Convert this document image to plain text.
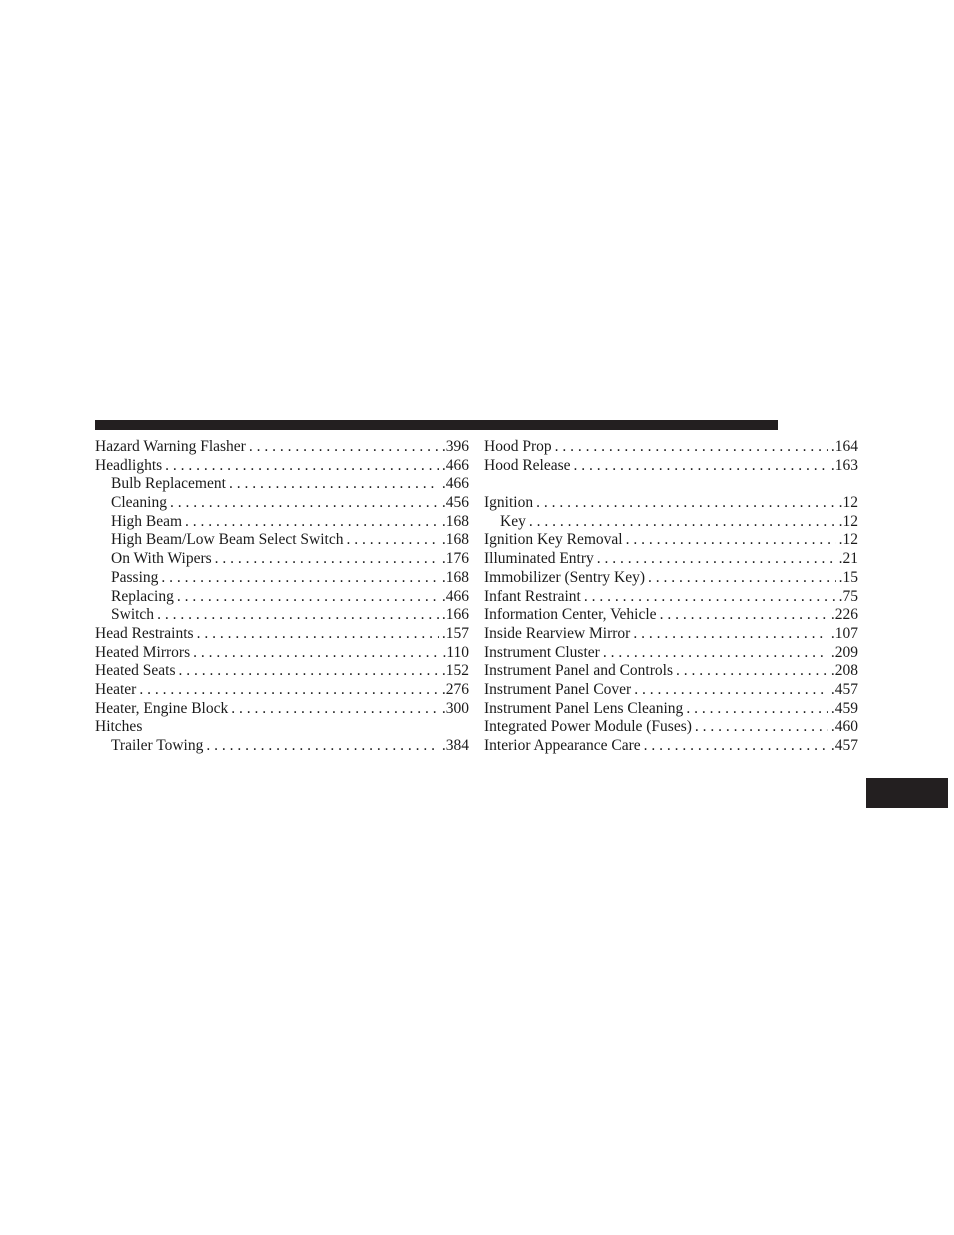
Hazard Warning Flasher . . .	.396
Headlights . . .	.466
Bulb Replacement . . .	.466
Cleaning . . .	.456
High Beam . . .	.168
High Beam/Low Beam Select Switch . . .	.168
On With Wipers . . .	.176
Passing . . .	.168
Replacing . . .	.466
Switch . . .	.166
Head Restraints . . .	.157
Heated Mirrors . . .	.110
Heated Seats . . .	.152
Heater . . .	.276
Heater, Engine Block . . .	.300
Hitches
Trailer Towing . . .	.384
Hood Prop . . .	.164
Hood Release . . .	.163
Ignition . . .	.12
Key . . .	.12
Ignition Key Removal . . .	.12
Illuminated Entry . . .	.21
Immobilizer (Sentry Key) . . .	.15
Infant Restraint . . .	.75
Information Center, Vehicle . . .	.226
Inside Rearview Mirror . . .	.107
Instrument Cluster . . .	.209
Instrument Panel and Controls . . .	.208
Instrument Panel Cover . . .	.457
Instrument Panel Lens Cleaning . . .	.459
Integrated Power Module (Fuses) . . .	.460
Interior Appearance Care . . .	.457
